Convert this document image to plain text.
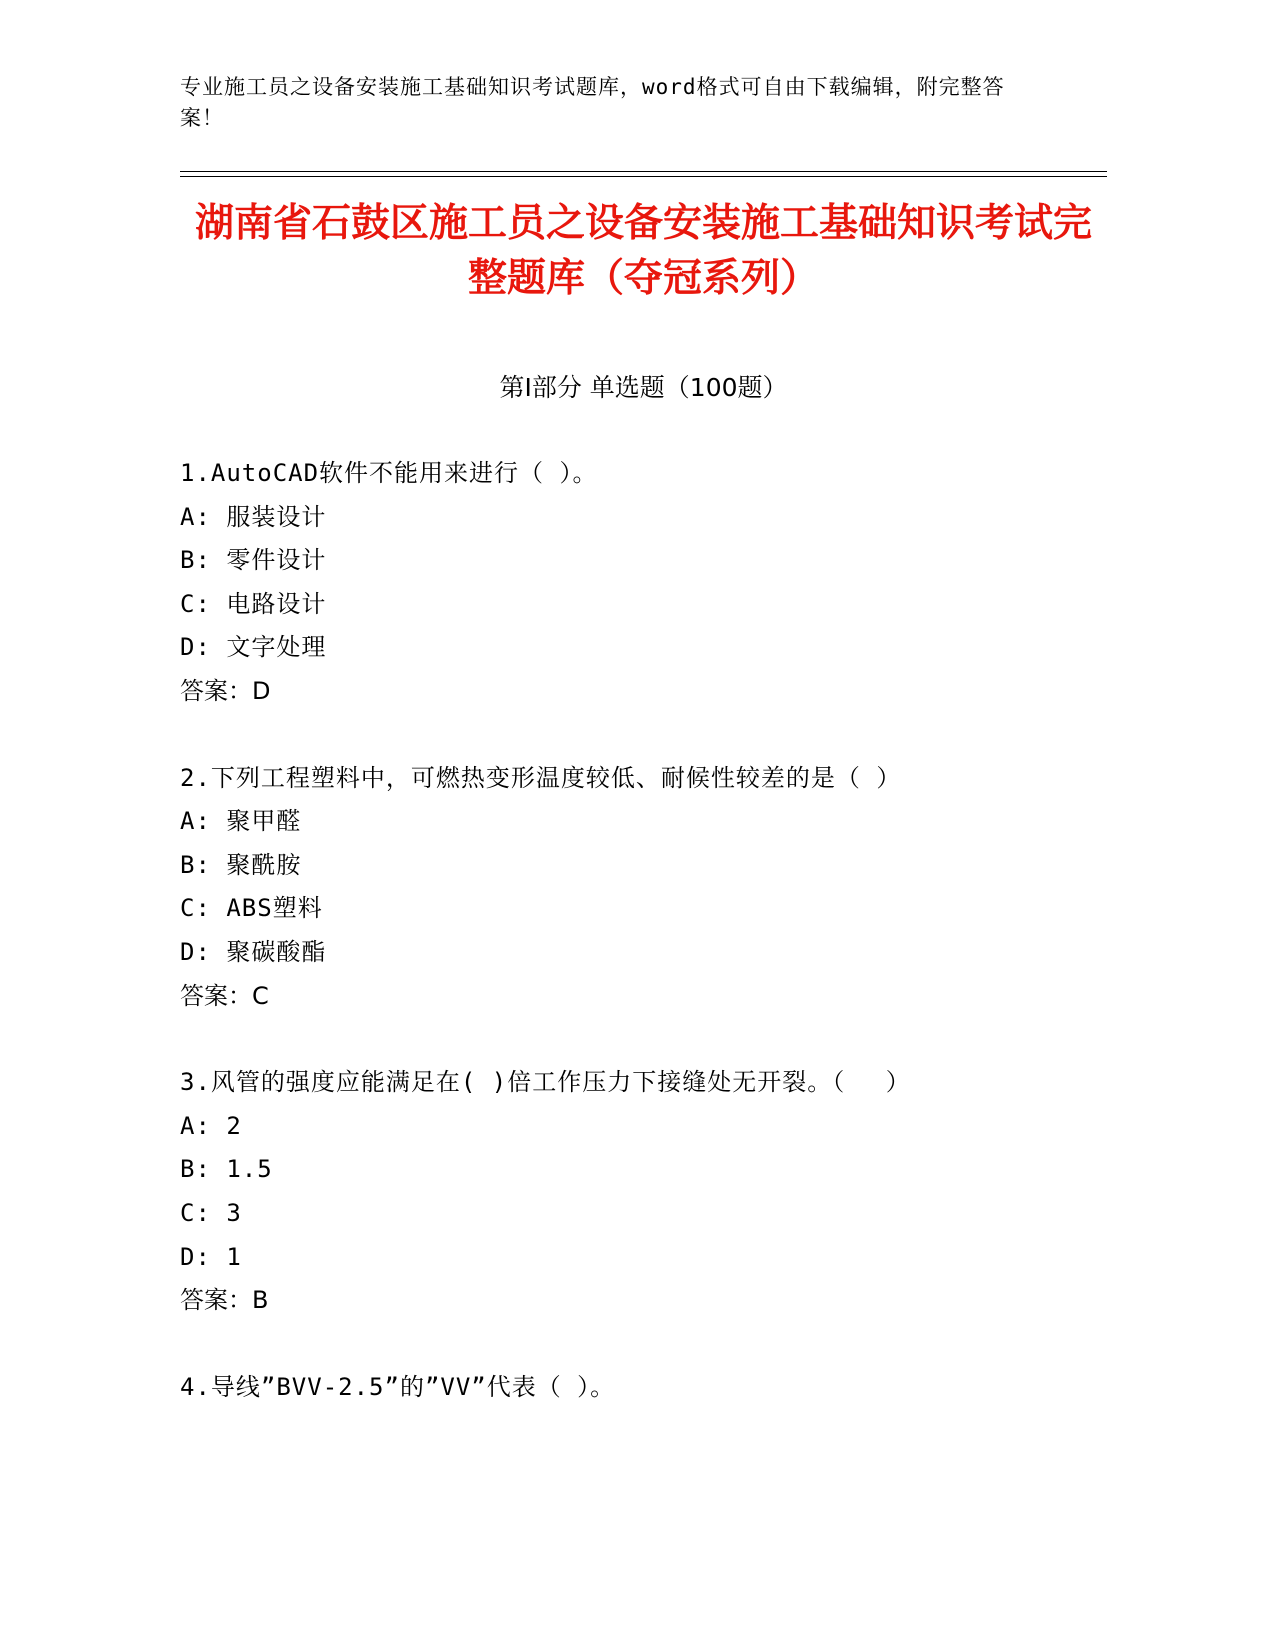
专业施工员之设备安装施工基础知识考试题库，word格式可自由下载编辑，附完整答案！
湖南省石鼓区施工员之设备安装施工基础知识考试完整题库（夺冠系列）
第Ⅰ部分 单选题（100题）
1.AutoCAD软件不能用来进行（ ）。
A: 服装设计
B: 零件设计
C: 电路设计
D: 文字处理
答案：D
2.下列工程塑料中，可燃热变形温度较低、耐候性较差的是（ ）
A: 聚甲醛
B: 聚酰胺
C: ABS塑料
D: 聚碳酸酯
答案：C
3.风管的强度应能满足在( )倍工作压力下接缝处无开裂。（　 ）
A: 2
B: 1.5
C: 3
D: 1
答案：B
4.导线”BVV-2.5”的”VV”代表（ ）。
